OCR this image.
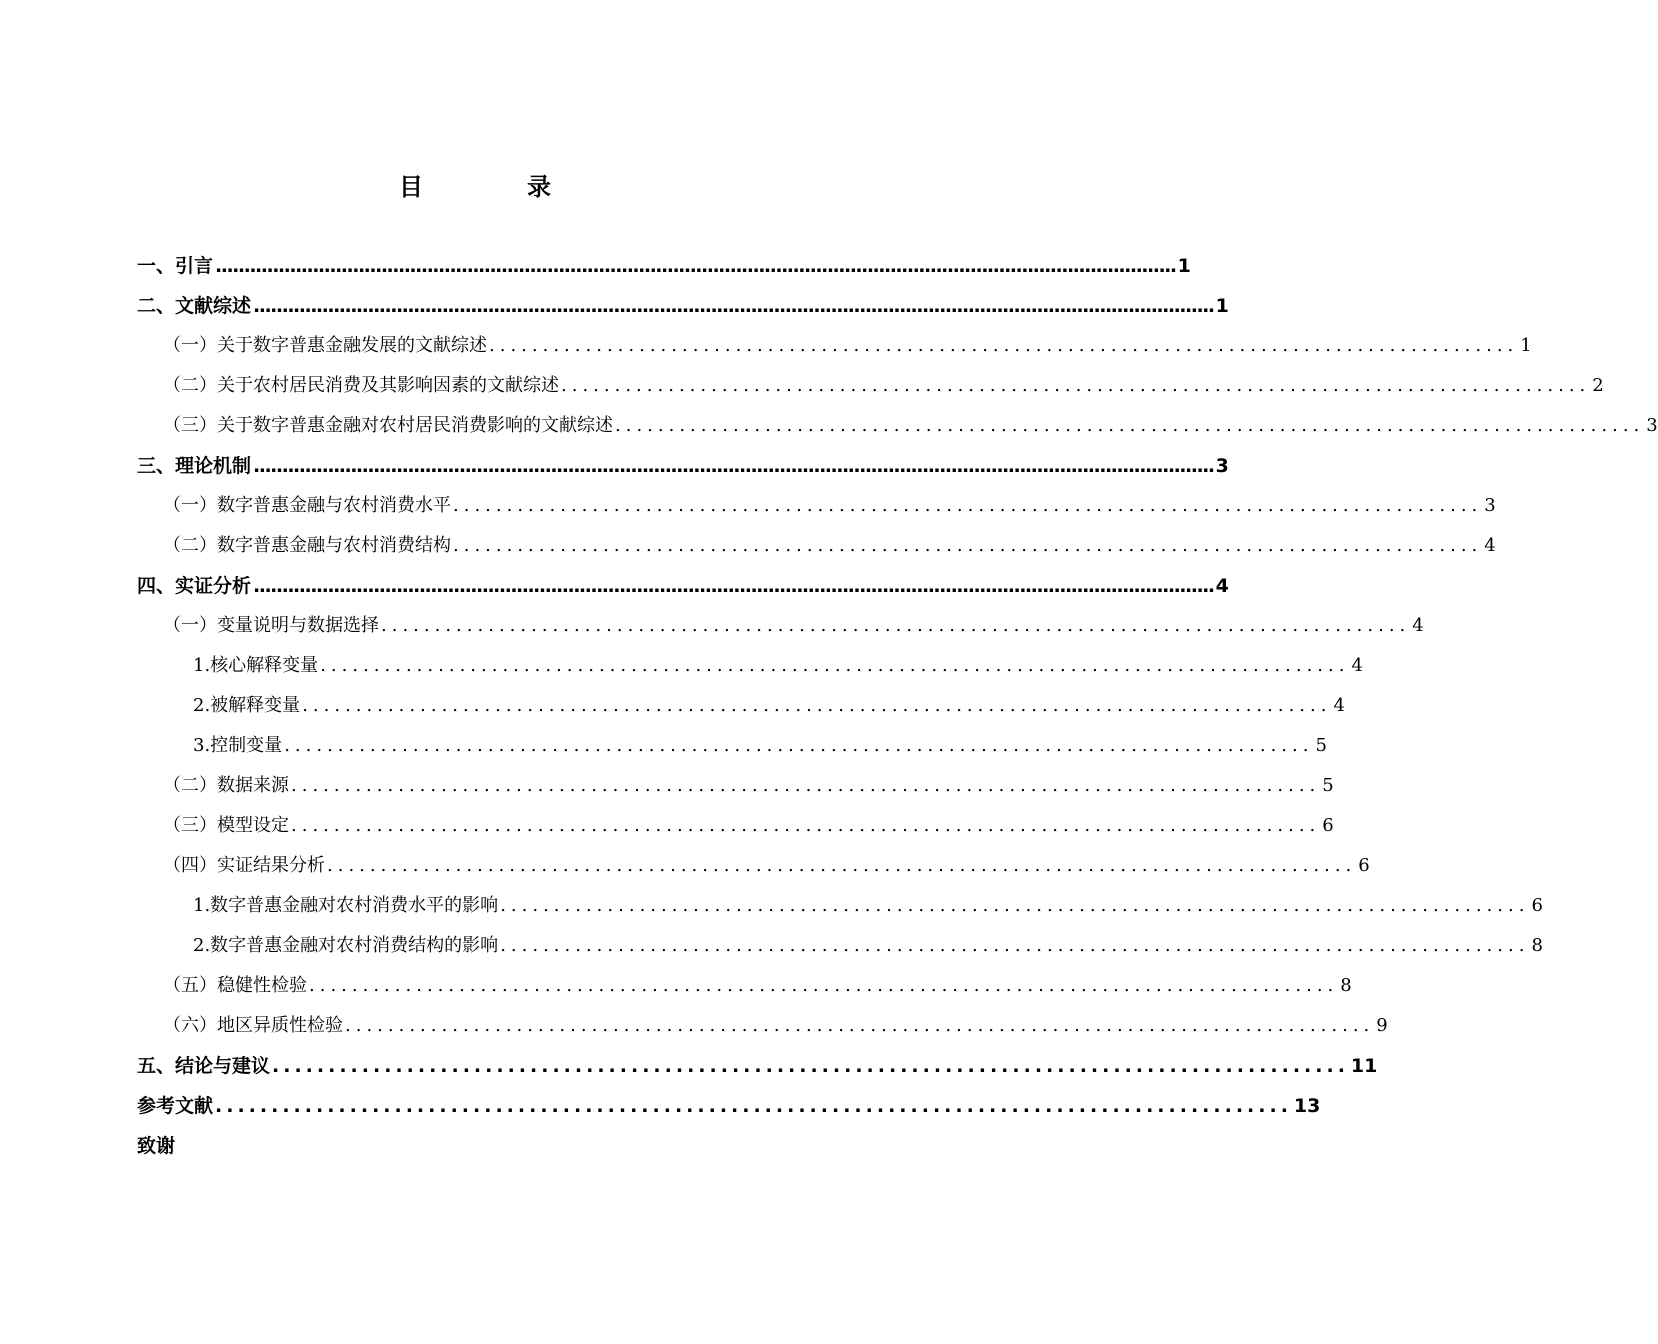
目	录
一、引言 ........................................................................................................................................................................ 1
二、文献综述 ........................................................................................................................................................................ 1
（一）关于数字普惠金融发展的文献综述 ................................................................................................ 1
（二）关于农村居民消费及其影响因素的文献综述 ................................................................................................ 2
（三）关于数字普惠金融对农村居民消费影响的文献综述 ................................................................................................ 3
三、理论机制 ........................................................................................................................................................................ 3
（一）数字普惠金融与农村消费水平 ................................................................................................ 3
（二）数字普惠金融与农村消费结构 ................................................................................................ 4
四、实证分析 ........................................................................................................................................................................ 4
（一）变量说明与数据选择 ................................................................................................ 4
1.核心解释变量 ................................................................................................ 4
2.被解释变量 ................................................................................................ 4
3.控制变量 ................................................................................................ 5
（二）数据来源 ................................................................................................ 5
（三）模型设定 ................................................................................................ 6
（四）实证结果分析 ................................................................................................ 6
1.数字普惠金融对农村消费水平的影响 ................................................................................................ 6
2.数字普惠金融对农村消费结构的影响 ................................................................................................ 8
（五）稳健性检验 ................................................................................................ 8
（六）地区异质性检验 ................................................................................................ 9
五、结论与建议 ................................................................................................ 11
参考文献 ................................................................................................ 13
致谢
